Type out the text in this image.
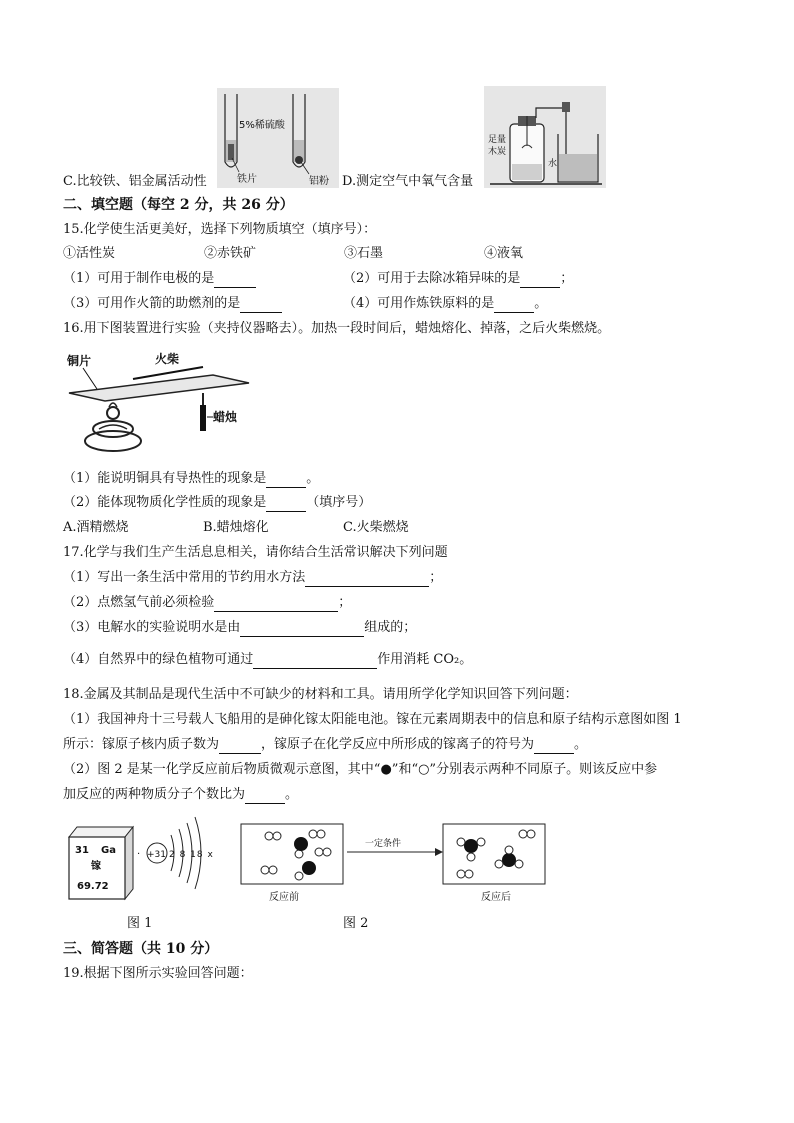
5%稀硫酸
铁片	铝粉
足量
木炭
水
C.比较铁、铝金属活动性	D.测定空气中氧气含量
二、填空题（每空 2 分，共 26 分）
15.化学使生活更美好，选择下列物质填空（填序号）：
①活性炭	②赤铁矿	③石墨	④液氧
（1）可用于制作电极的是	（2）可用于去除冰箱异味的是	；
（3）可用作火箭的助燃剂的是	（4）可用作炼铁原料的是	。
16.用下图装置进行实验（夹持仪器略去）。加热一段时间后，蜡烛熔化、掉落，之后火柴燃烧。
铜片	火柴
蜡烛
（1）能说明铜具有导热性的现象是	。
（2）能体现物质化学性质的现象是	（填序号）
A.酒精燃烧	B.蜡烛熔化	C.火柴燃烧
17.化学与我们生产生活息息相关，请你结合生活常识解决下列问题
（1）写出一条生活中常用的节约用水方法	；
（2）点燃氢气前必须检验	；
（3）电解水的实验说明水是由	组成的；
（4）自然界中的绿色植物可通过	作用消耗 CO₂。
18.金属及其制品是现代生活中不可缺少的材料和工具。请用所学化学知识回答下列问题：
（1）我国神舟十三号载人飞船用的是砷化镓太阳能电池。镓在元素周期表中的信息和原子结构示意图如图 1
所示：镓原子核内质子数为	，镓原子在化学反应中所形成的镓离子的符号为	。
（2）图 2 是某一化学反应前后物质微观示意图，其中“●”和“○”分别表示两种不同原子。则该反应中参
加反应的两种物质分子个数比为	。
31 Ga
镓
69.72
· +31 2 8 18 x
一定条件
反应前	反应后
图 1	图 2
三、简答题（共 10 分）
19.根据下图所示实验回答问题：
